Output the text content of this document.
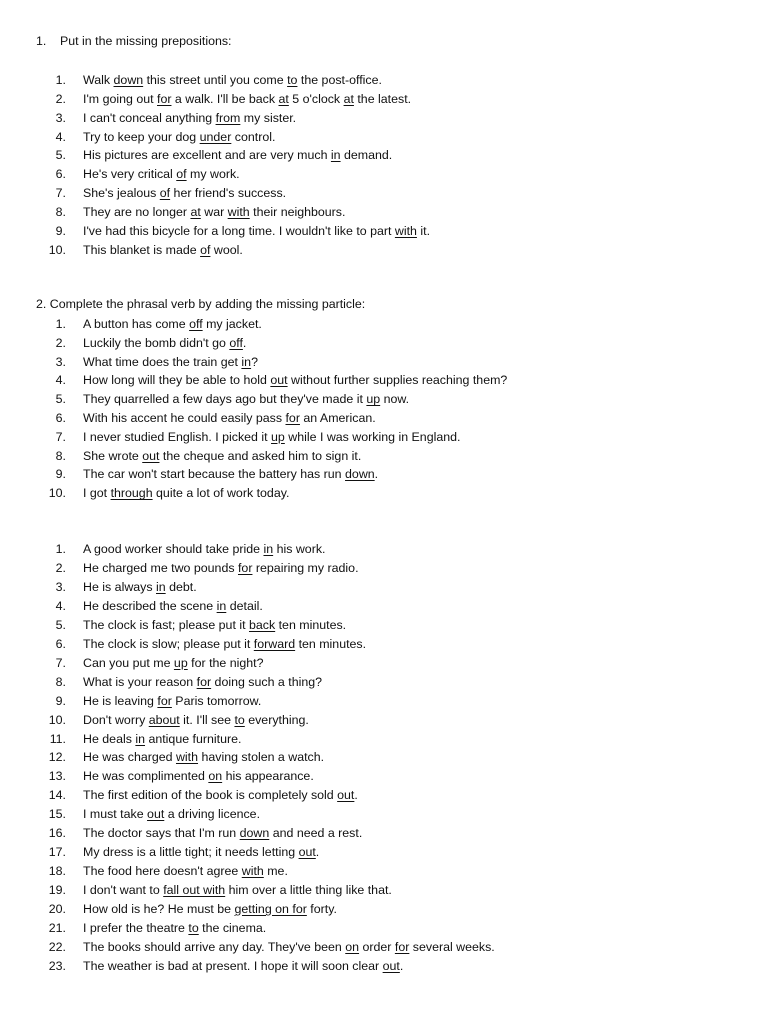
1. Put in the missing prepositions:
1. Walk down this street until you come to the post-office.
2. I'm going out for a walk. I'll be back at 5 o'clock at the latest.
3. I can't conceal anything from my sister.
4. Try to keep your dog under control.
5. His pictures are excellent and are very much in demand.
6. He's very critical of my work.
7. She's jealous of her friend's success.
8. They are no longer at war with their neighbours.
9. I've had this bicycle for a long time. I wouldn't like to part with it.
10. This blanket is made of wool.
2. Complete the phrasal verb by adding the missing particle:
1. A button has come off my jacket.
2. Luckily the bomb didn't go off.
3. What time does the train get in?
4. How long will they be able to hold out without further supplies reaching them?
5. They quarrelled a few days ago but they've made it up now.
6. With his accent he could easily pass for an American.
7. I never studied English. I picked it up while I was working in England.
8. She wrote out the cheque and asked him to sign it.
9. The car won't start because the battery has run down.
10. I got through quite a lot of work today.
1. A good worker should take pride in his work.
2. He charged me two pounds for repairing my radio.
3. He is always in debt.
4. He described the scene in detail.
5. The clock is fast; please put it back ten minutes.
6. The clock is slow; please put it forward ten minutes.
7. Can you put me up for the night?
8. What is your reason for doing such a thing?
9. He is leaving for Paris tomorrow.
10. Don't worry about it. I'll see to everything.
11. He deals in antique furniture.
12. He was charged with having stolen a watch.
13. He was complimented on his appearance.
14. The first edition of the book is completely sold out.
15. I must take out a driving licence.
16. The doctor says that I'm run down and need a rest.
17. My dress is a little tight; it needs letting out.
18. The food here doesn't agree with me.
19. I don't want to fall out with him over a little thing like that.
20. How old is he? He must be getting on for forty.
21. I prefer the theatre to the cinema.
22. The books should arrive any day. They've been on order for several weeks.
23. The weather is bad at present. I hope it will soon clear out.
